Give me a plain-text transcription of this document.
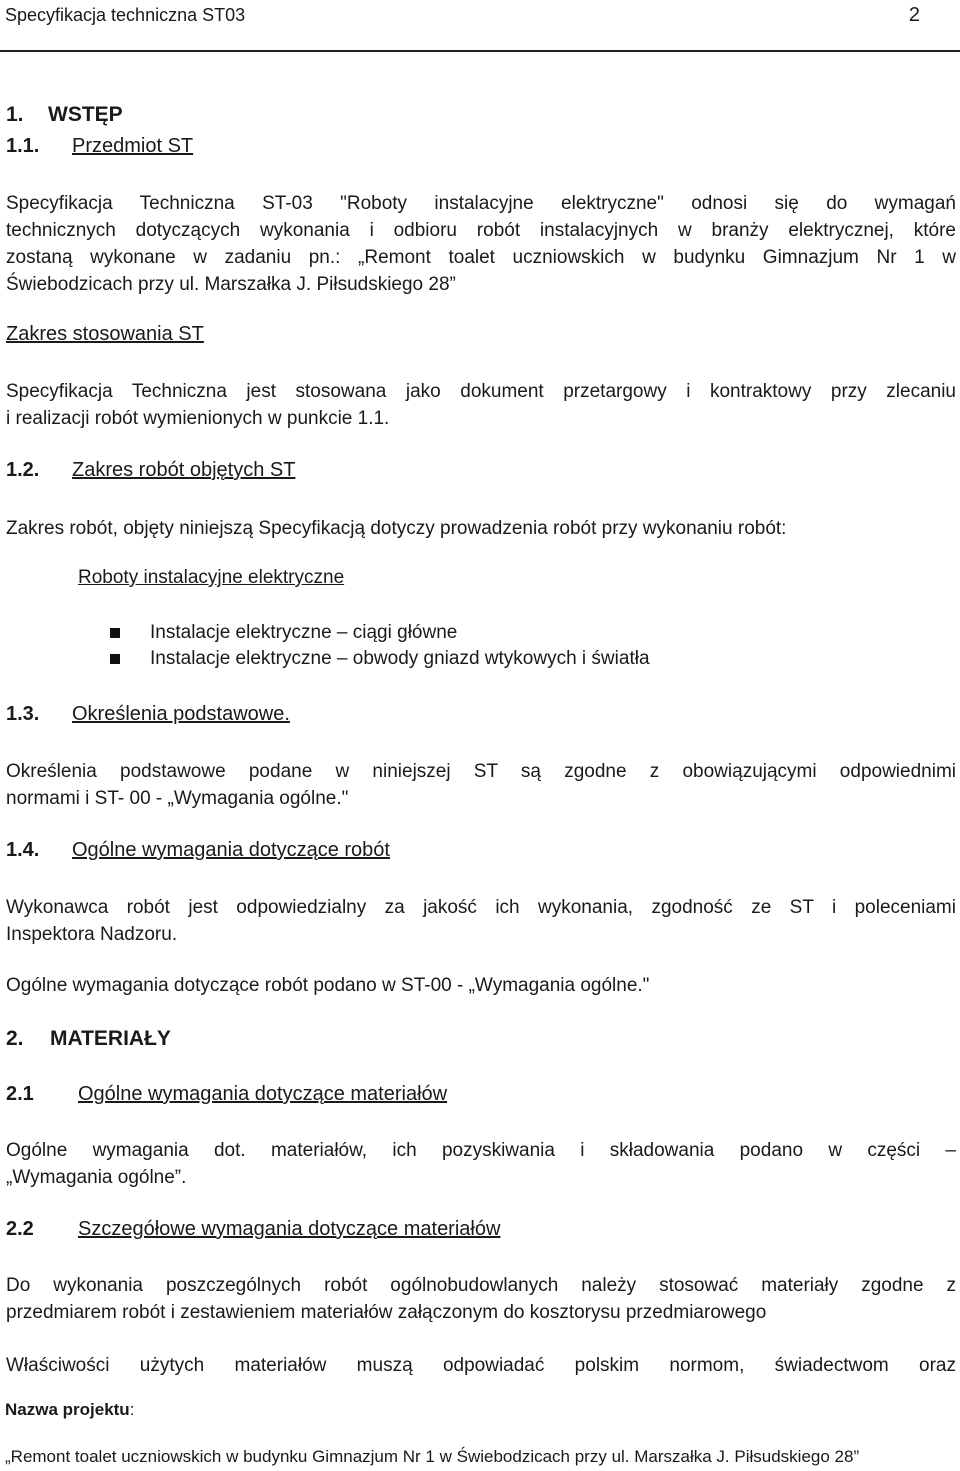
Specyfikacja techniczna ST03	2
1. WSTĘP
1.1. Przedmiot ST
Specyfikacja Techniczna ST-03 "Roboty instalacyjne elektryczne" odnosi się do wymagań
technicznych dotyczących wykonania i odbioru robót instalacyjnych w branży elektrycznej, które
zostaną wykonane w zadaniu pn.: „Remont toalet uczniowskich w budynku Gimnazjum Nr 1 w
Świebodzicach przy ul. Marszałka J. Piłsudskiego 28”
Zakres stosowania ST
Specyfikacja Techniczna jest stosowana jako dokument przetargowy i kontraktowy przy zlecaniu
i realizacji robót wymienionych w punkcie 1.1.
1.2. Zakres robót objętych ST
Zakres robót, objęty niniejszą Specyfikacją dotyczy prowadzenia robót przy wykonaniu robót:
Roboty instalacyjne elektryczne
Instalacje elektryczne – ciągi główne
Instalacje elektryczne – obwody gniazd wtykowych i światła
1.3. Określenia podstawowe.
Określenia podstawowe podane w niniejszej ST są zgodne z obowiązującymi odpowiednimi
normami i ST- 00 - „Wymagania ogólne."
1.4. Ogólne wymagania dotyczące robót
Wykonawca robót jest odpowiedzialny za jakość ich wykonania, zgodność ze ST i poleceniami
Inspektora Nadzoru.
Ogólne wymagania dotyczące robót podano w ST-00 - „Wymagania ogólne."
2. MATERIAŁY
2.1 Ogólne wymagania dotyczące materiałów
Ogólne wymagania dot. materiałów, ich pozyskiwania i składowania podano w części –
„Wymagania ogólne”.
2.2 Szczegółowe wymagania dotyczące materiałów
Do wykonania poszczególnych robót ogólnobudowlanych należy stosować materiały zgodne z
przedmiarem robót i zestawieniem materiałów załączonym do kosztorysu przedmiarowego
Właściwości użytych materiałów muszą odpowiadać polskim normom, świadectwom oraz
Nazwa projektu:
„Remont toalet uczniowskich w budynku Gimnazjum Nr 1 w Świebodzicach przy ul. Marszałka J. Piłsudskiego 28”
